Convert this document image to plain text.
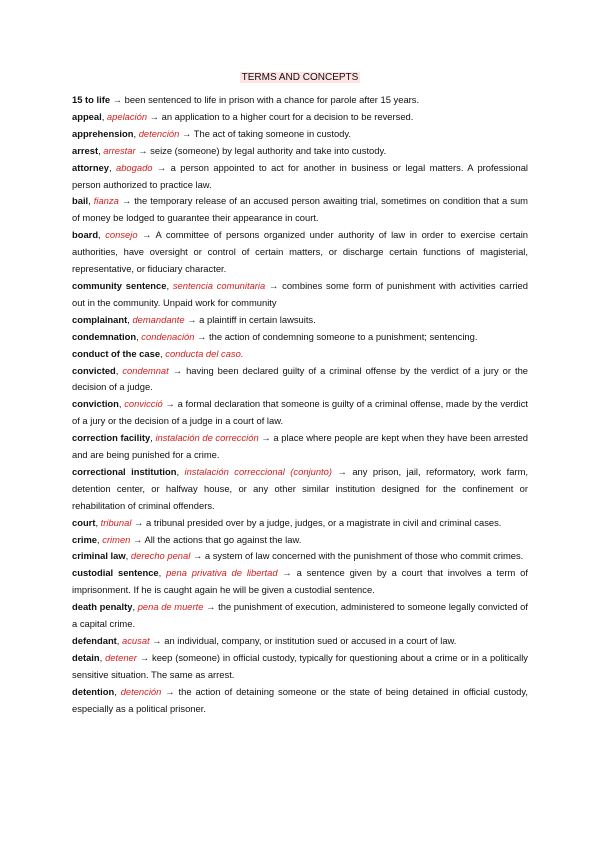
TERMS AND CONCEPTS

15 to life → been sentenced to life in prison with a chance for parole after 15 years.

appeal, apelación → an application to a higher court for a decision to be reversed.

apprehension, detención → The act of taking someone in custody.

arrest, arrestar → seize (someone) by legal authority and take into custody.

attorney, abogado → a person appointed to act for another in business or legal matters. A professional person authorized to practice law.

bail, fianza → the temporary release of an accused person awaiting trial, sometimes on condition that a sum of money be lodged to guarantee their appearance in court.

board, consejo → A committee of persons organized under authority of law in order to exercise certain authorities, have oversight or control of certain matters, or discharge certain functions of magisterial, representative, or fiduciary character.

community sentence, sentencia comunitaria → combines some form of punishment with activities carried out in the community. Unpaid work for community

complainant, demandante → a plaintiff in certain lawsuits.

condemnation, condenación → the action of condemning someone to a punishment; sentencing.

conduct of the case, conducta del caso.

convicted, condemnat → having been declared guilty of a criminal offense by the verdict of a jury or the decision of a judge.

conviction, convicció → a formal declaration that someone is guilty of a criminal offense, made by the verdict of a jury or the decision of a judge in a court of law.

correction facility, instalación de corrección → a place where people are kept when they have been arrested and are being punished for a crime.

correctional institution, instalación correccional (conjunto) → any prison, jail, reformatory, work farm, detention center, or halfway house, or any other similar institution designed for the confinement or rehabilitation of criminal offenders.

court, tribunal → a tribunal presided over by a judge, judges, or a magistrate in civil and criminal cases.

crime, crimen → All the actions that go against the law.

criminal law, derecho penal → a system of law concerned with the punishment of those who commit crimes.

custodial sentence, pena privativa de libertad → a sentence given by a court that involves a term of imprisonment. If he is caught again he will be given a custodial sentence.

death penalty, pena de muerte → the punishment of execution, administered to someone legally convicted of a capital crime.

defendant, acusat → an individual, company, or institution sued or accused in a court of law.

detain, detener → keep (someone) in official custody, typically for questioning about a crime or in a politically sensitive situation. The same as arrest.

detention, detención → the action of detaining someone or the state of being detained in official custody, especially as a political prisoner.
